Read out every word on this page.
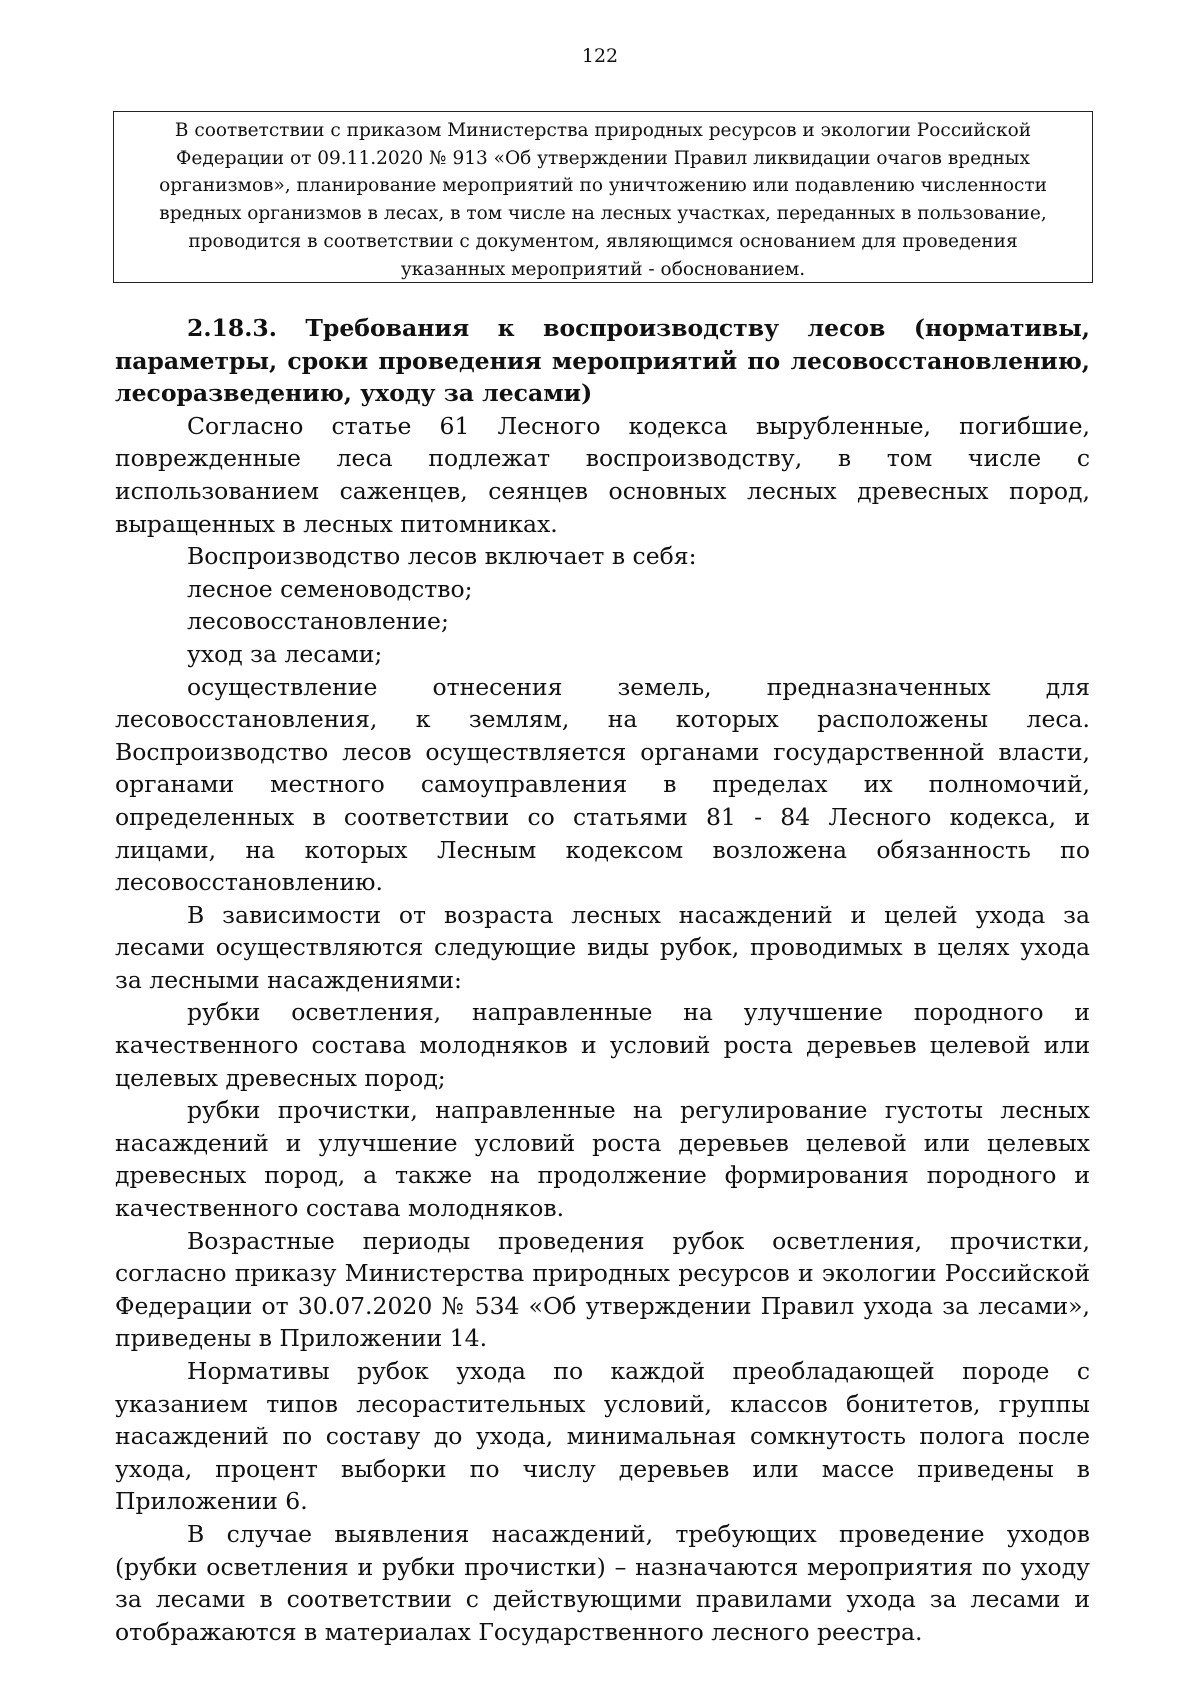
122
В соответствии с приказом Министерства природных ресурсов и экологии Российской
Федерации от 09.11.2020 № 913 «Об утверждении Правил ликвидации очагов вредных
организмов», планирование мероприятий по уничтожению или подавлению численности
вредных организмов в лесах, в том числе на лесных участках, переданных в пользование,
проводится в соответствии с документом, являющимся основанием для проведения
указанных мероприятий - обоснованием.

2.18.3. Требования к воспроизводству лесов (нормативы, параметры, сроки проведения мероприятий по лесовосстановлению, лесоразведению, уходу за лесами)

Согласно статье 61 Лесного кодекса вырубленные, погибшие, поврежденные леса подлежат воспроизводству, в том числе с использованием саженцев, сеянцев основных лесных древесных пород, выращенных в лесных питомниках.

Воспроизводство лесов включает в себя:

лесное семеноводство;

лесовосстановление;

уход за лесами;

осуществление отнесения земель, предназначенных для лесовосстановления, к землям, на которых расположены леса. Воспроизводство лесов осуществляется органами государственной власти, органами местного самоуправления в пределах их полномочий, определенных в соответствии со статьями 81 - 84 Лесного кодекса, и лицами, на которых Лесным кодексом возложена обязанность по лесовосстановлению.

В зависимости от возраста лесных насаждений и целей ухода за лесами осуществляются следующие виды рубок, проводимых в целях ухода за лесными насаждениями:

рубки осветления, направленные на улучшение породного и качественного состава молодняков и условий роста деревьев целевой или целевых древесных пород;

рубки прочистки, направленные на регулирование густоты лесных насаждений и улучшение условий роста деревьев целевой или целевых древесных пород, а также на продолжение формирования породного и качественного состава молодняков.

Возрастные периоды проведения рубок осветления, прочистки, согласно приказу Министерства природных ресурсов и экологии Российской Федерации от 30.07.2020 № 534 «Об утверждении Правил ухода за лесами», приведены в Приложении 14.

Нормативы рубок ухода по каждой преобладающей породе с указанием типов лесорастительных условий, классов бонитетов, группы насаждений по составу до ухода, минимальная сомкнутость полога после ухода, процент выборки по числу деревьев или массе приведены в Приложении 6.

В случае выявления насаждений, требующих проведение уходов (рубки осветления и рубки прочистки) – назначаются мероприятия по уходу за лесами в соответствии с действующими правилами ухода за лесами и отображаются в материалах Государственного лесного реестра.
